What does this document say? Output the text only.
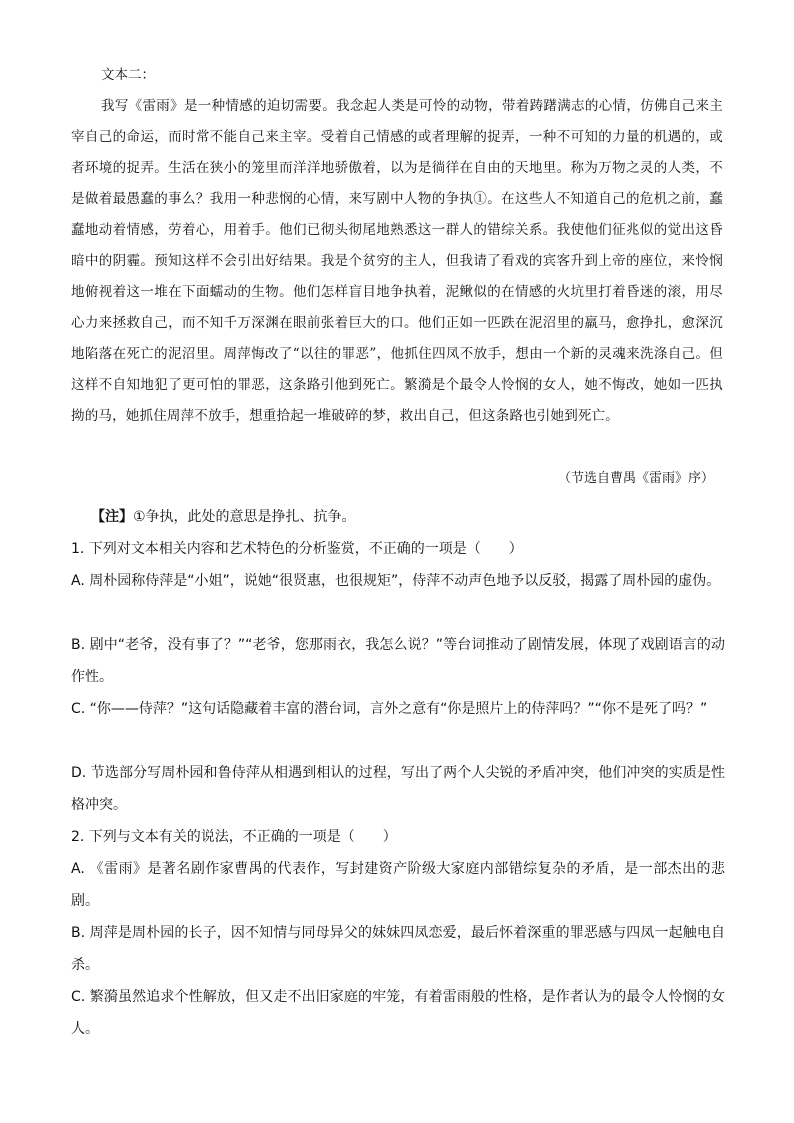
文本二：
我写《雷雨》是一种情感的迫切需要。我念起人类是可怜的动物，带着踌躇满志的心情，仿佛自己来主宰自己的命运，而时常不能自己来主宰。受着自己情感的或者理解的捉弄，一种不可知的力量的机遇的，或者环境的捉弄。生活在狭小的笼里而洋洋地骄傲着，以为是徜徉在自由的天地里。称为万物之灵的人类，不是做着最愚蠢的事么？我用一种悲悯的心情，来写剧中人物的争执①。在这些人不知道自己的危机之前，蠢蠢地动着情感，劳着心，用着手。他们已彻头彻尾地熟悉这一群人的错综关系。我使他们征兆似的觉出这昏暗中的阴霾。预知这样不会引出好结果。我是个贫穷的主人，但我请了看戏的宾客升到上帝的座位，来怜悯地俯视着这一堆在下面蠕动的生物。他们怎样盲目地争执着，泥鳅似的在情感的火坑里打着昏迷的滚，用尽心力来拯救自己，而不知千万深渊在眼前张着巨大的口。他们正如一匹跌在泥沼里的羸马，愈挣扎，愈深沉地陷落在死亡的泥沼里。周萍悔改了“以往的罪恶”，他抓住四凤不放手，想由一个新的灵魂来洗涤自己。但这样不自知地犯了更可怕的罪恶，这条路引他到死亡。繁漪是个最令人怜悯的女人，她不悔改，她如一匹执拗的马，她抓住周萍不放手，想重拾起一堆破碎的梦，救出自己，但这条路也引她到死亡。
（节选自曹禺《雷雨》序）
【注】①争执，此处的意思是挣扎、抗争。
1. 下列对文本相关内容和艺术特色的分析鉴赏，不正确的一项是（　　）
A. 周朴园称侍萍是“小姐”，说她“很贤惠，也很规矩”，侍萍不动声色地予以反驳，揭露了周朴园的虚伪。
B. 剧中“老爷，没有事了？”“老爷，您那雨衣，我怎么说？”等台词推动了剧情发展，体现了戏剧语言的动作性。
C. “你——侍萍？”这句话隐藏着丰富的潜台词，言外之意有“你是照片上的侍萍吗？”“你不是死了吗？”
D. 节选部分写周朴园和鲁侍萍从相遇到相认的过程，写出了两个人尖锐的矛盾冲突，他们冲突的实质是性格冲突。
2. 下列与文本有关的说法，不正确的一项是（　　）
A. 《雷雨》是著名剧作家曹禺的代表作，写封建资产阶级大家庭内部错综复杂的矛盾，是一部杰出的悲剧。
B. 周萍是周朴园的长子，因不知情与同母异父的妹妹四凤恋爱，最后怀着深重的罪恶感与四凤一起触电自杀。
C. 繁漪虽然追求个性解放，但又走不出旧家庭的牢笼，有着雷雨般的性格，是作者认为的最令人怜悯的女人。
